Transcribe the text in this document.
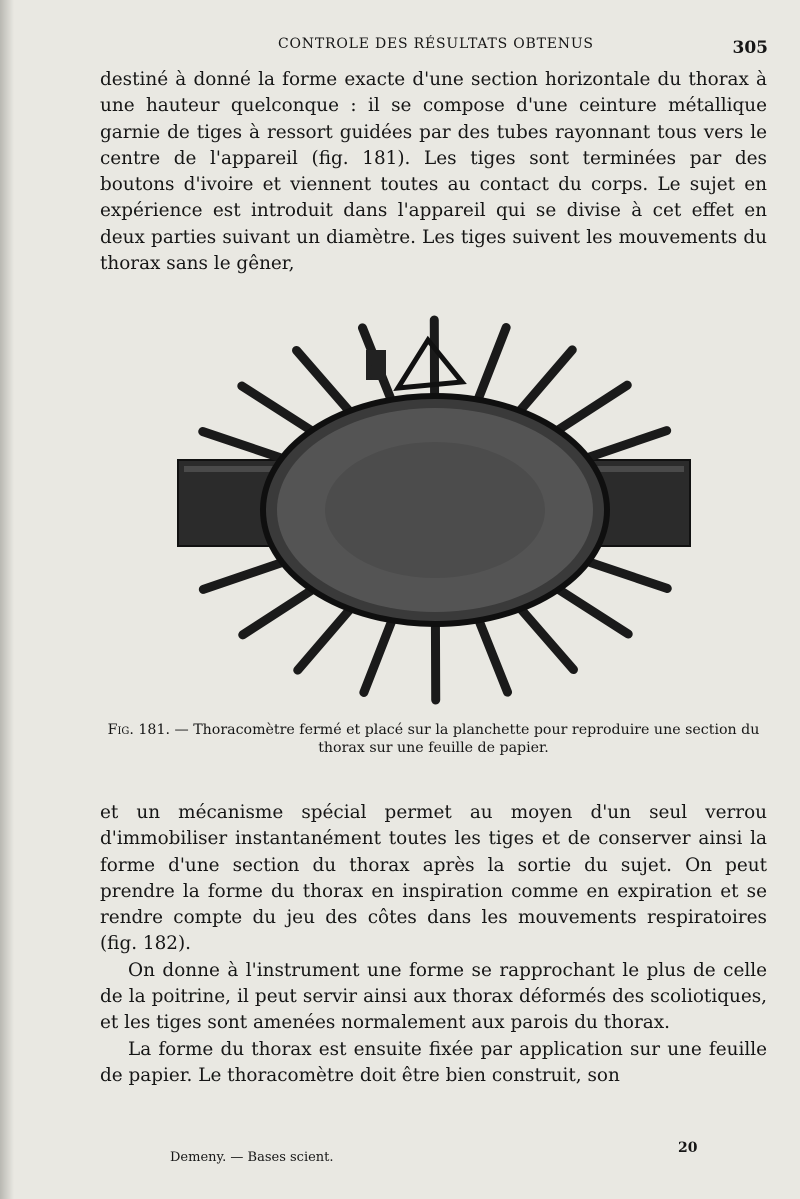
CONTROLE DES RÉSULTATS OBTENUS	305

destiné à donné la forme exacte d'une section horizontale du thorax à une hauteur quelconque : il se compose d'une ceinture métallique garnie de tiges à ressort guidées par des tubes rayonnant tous vers le centre de l'appareil (fig. 181). Les tiges sont terminées par des boutons d'ivoire et viennent toutes au contact du corps. Le sujet en expérience est introduit dans l'appareil qui se divise à cet effet en deux parties suivant un diamètre. Les tiges suivent les mouvements du thorax sans le gêner,

Fig. 181. — Thoracomètre fermé et placé sur la planchette pour reproduire une section du thorax sur une feuille de papier.

et un mécanisme spécial permet au moyen d'un seul verrou d'immobiliser instantanément toutes les tiges et de conserver ainsi la forme d'une section du thorax après la sortie du sujet. On peut prendre la forme du thorax en inspiration comme en expiration et se rendre compte du jeu des côtes dans les mouvements respiratoires (fig. 182).

On donne à l'instrument une forme se rapprochant le plus de celle de la poitrine, il peut servir ainsi aux thorax déformés des scoliotiques, et les tiges sont amenées normalement aux parois du thorax.

La forme du thorax est ensuite fixée par application sur une feuille de papier. Le thoracomètre doit être bien construit, son

Demeny. — Bases scient.
20
